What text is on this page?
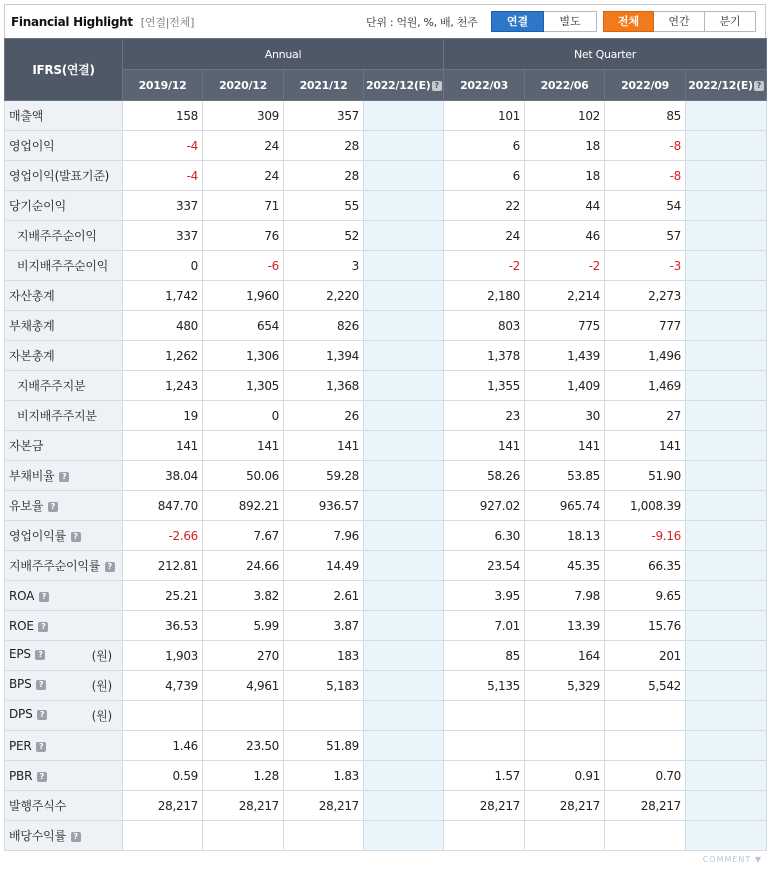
Financial Highlight [연결|전체]	단위 : 억원, %, 배, 천주	연결	별도	전체	연간	분기
IFRS(연결)	Annual				Net Quarter			
	2019/12	2020/12	2021/12	2022/12(E) ?	2022/03	2022/06	2022/09	2022/12(E) ?
매출액	158	309	357		101	102	85	
영업이익	-4	24	28		6	18	-8	
영업이익(발표기준)	-4	24	28		6	18	-8	
당기순이익	337	71	55		22	44	54	
지배주주순이익	337	76	52		24	46	57	
비지배주주순이익	0	-6	3		-2	-2	-3	
자산총계	1,742	1,960	2,220		2,180	2,214	2,273	
부채총계	480	654	826		803	775	777	
자본총계	1,262	1,306	1,394		1,378	1,439	1,496	
지배주주지분	1,243	1,305	1,368		1,355	1,409	1,469	
비지배주주지분	19	0	26		23	30	27	
자본금	141	141	141		141	141	141	
부채비율 ?	38.04	50.06	59.28		58.26	53.85	51.90	
유보율 ?	847.70	892.21	936.57		927.02	965.74	1,008.39	
영업이익률 ?	-2.66	7.67	7.96		6.30	18.13	-9.16	
지배주주순이익률 ?	212.81	24.66	14.49		23.54	45.35	66.35	
ROA ?	25.21	3.82	2.61		3.95	7.98	9.65	
ROE ?	36.53	5.99	3.87		7.01	13.39	15.76	
EPS ? (원)	1,903	270	183		85	164	201	
BPS ? (원)	4,739	4,961	5,183		5,135	5,329	5,542	
DPS ? (원)								

PER ?	1.46	23.50	51.89					
PBR ?	0.59	1.28	1.83		1.57	0.91	0.70	
발행주식수	28,217	28,217	28,217		28,217	28,217	28,217	
배당수익률 ?								
COMMENT ▼
